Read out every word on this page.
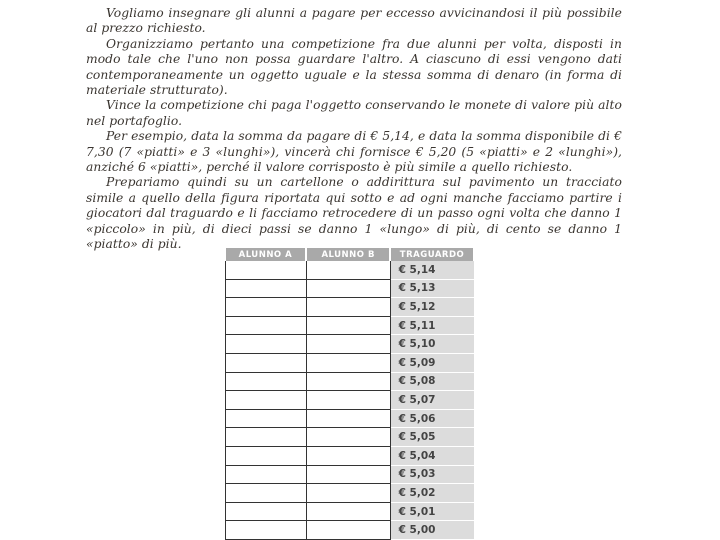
Vogliamo insegnare gli alunni a pagare per eccesso avvicinandosi il più possibile al prezzo richiesto.

Organizziamo pertanto una competizione fra due alunni per volta, disposti in modo tale che l'uno non possa guardare l'altro. A ciascuno di essi vengono dati contemporaneamente un oggetto uguale e la stessa somma di denaro (in forma di materiale strutturato).

Vince la competizione chi paga l'oggetto conservando le monete di valore più alto nel portafoglio.

Per esempio, data la somma da pagare di € 5,14, e data la somma disponibile di € 7,30 (7 «piatti» e 3 «lunghi»), vincerà chi fornisce € 5,20 (5 «piatti» e 2 «lunghi»), anziché 6 «piatti», perché il valore corrisposto è più simile a quello richiesto.

Prepariamo quindi su un cartellone o addirittura sul pavimento un tracciato simile a quello della figura riportata qui sotto e ad ogni manche facciamo partire i giocatori dal traguardo e li facciamo retrocedere di un passo ogni volta che danno 1 «piccolo» in più, di dieci passi se danno 1 «lungo» di più, di cento se danno 1 «piatto» di più.

ALUNNO A	ALUNNO B	TRAGUARDO
		€ 5,14
		€ 5,13
		€ 5,12
		€ 5,11
		€ 5,10
		€ 5,09
		€ 5,08
		€ 5,07
		€ 5,06
		€ 5,05
		€ 5,04
		€ 5,03
		€ 5,02
		€ 5,01
		€ 5,00
